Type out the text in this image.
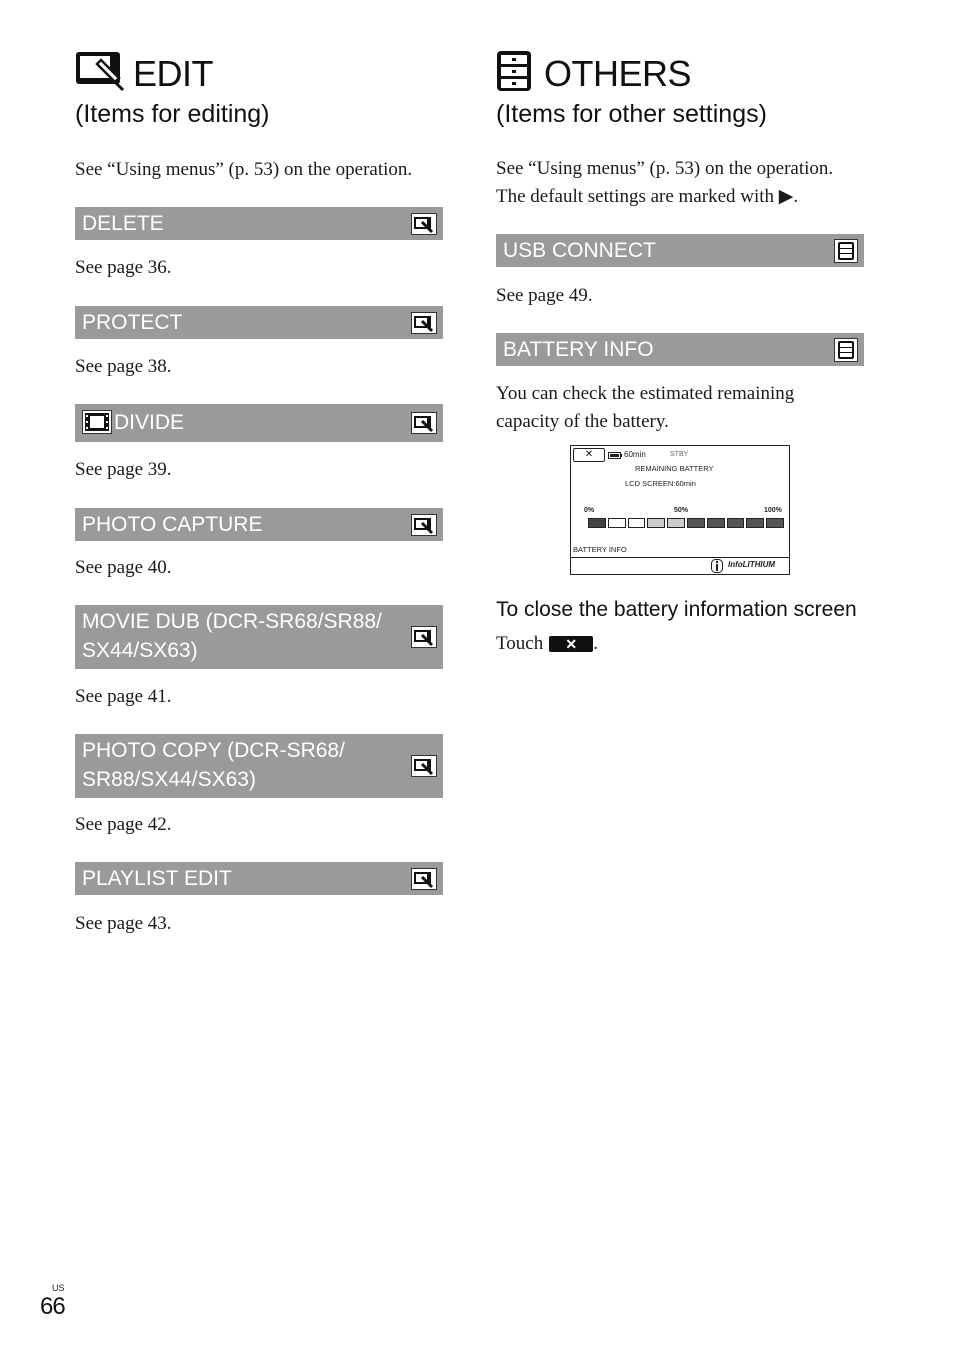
EDIT
(Items for editing)
See “Using menus” (p. 53) on the operation.
DELETE
See page 36.
PROTECT
See page 38.
DIVIDE
See page 39.
PHOTO CAPTURE
See page 40.
MOVIE DUB (DCR-SR68/SR88/ SX44/SX63)
See page 41.
PHOTO COPY (DCR-SR68/ SR88/SX44/SX63)
See page 42.
PLAYLIST EDIT
See page 43.
OTHERS
(Items for other settings)
See “Using menus” (p. 53) on the operation.
The default settings are marked with ▶.
USB CONNECT
See page 49.
BATTERY INFO
You can check the estimated remaining capacity of the battery.
✕	60min	STBY
REMAINING BATTERY
LCD SCREEN:60min
0%	50%	100%
BATTERY INFO
InfoLITHIUM
To close the battery information screen
Touch	✕ .
US
66
